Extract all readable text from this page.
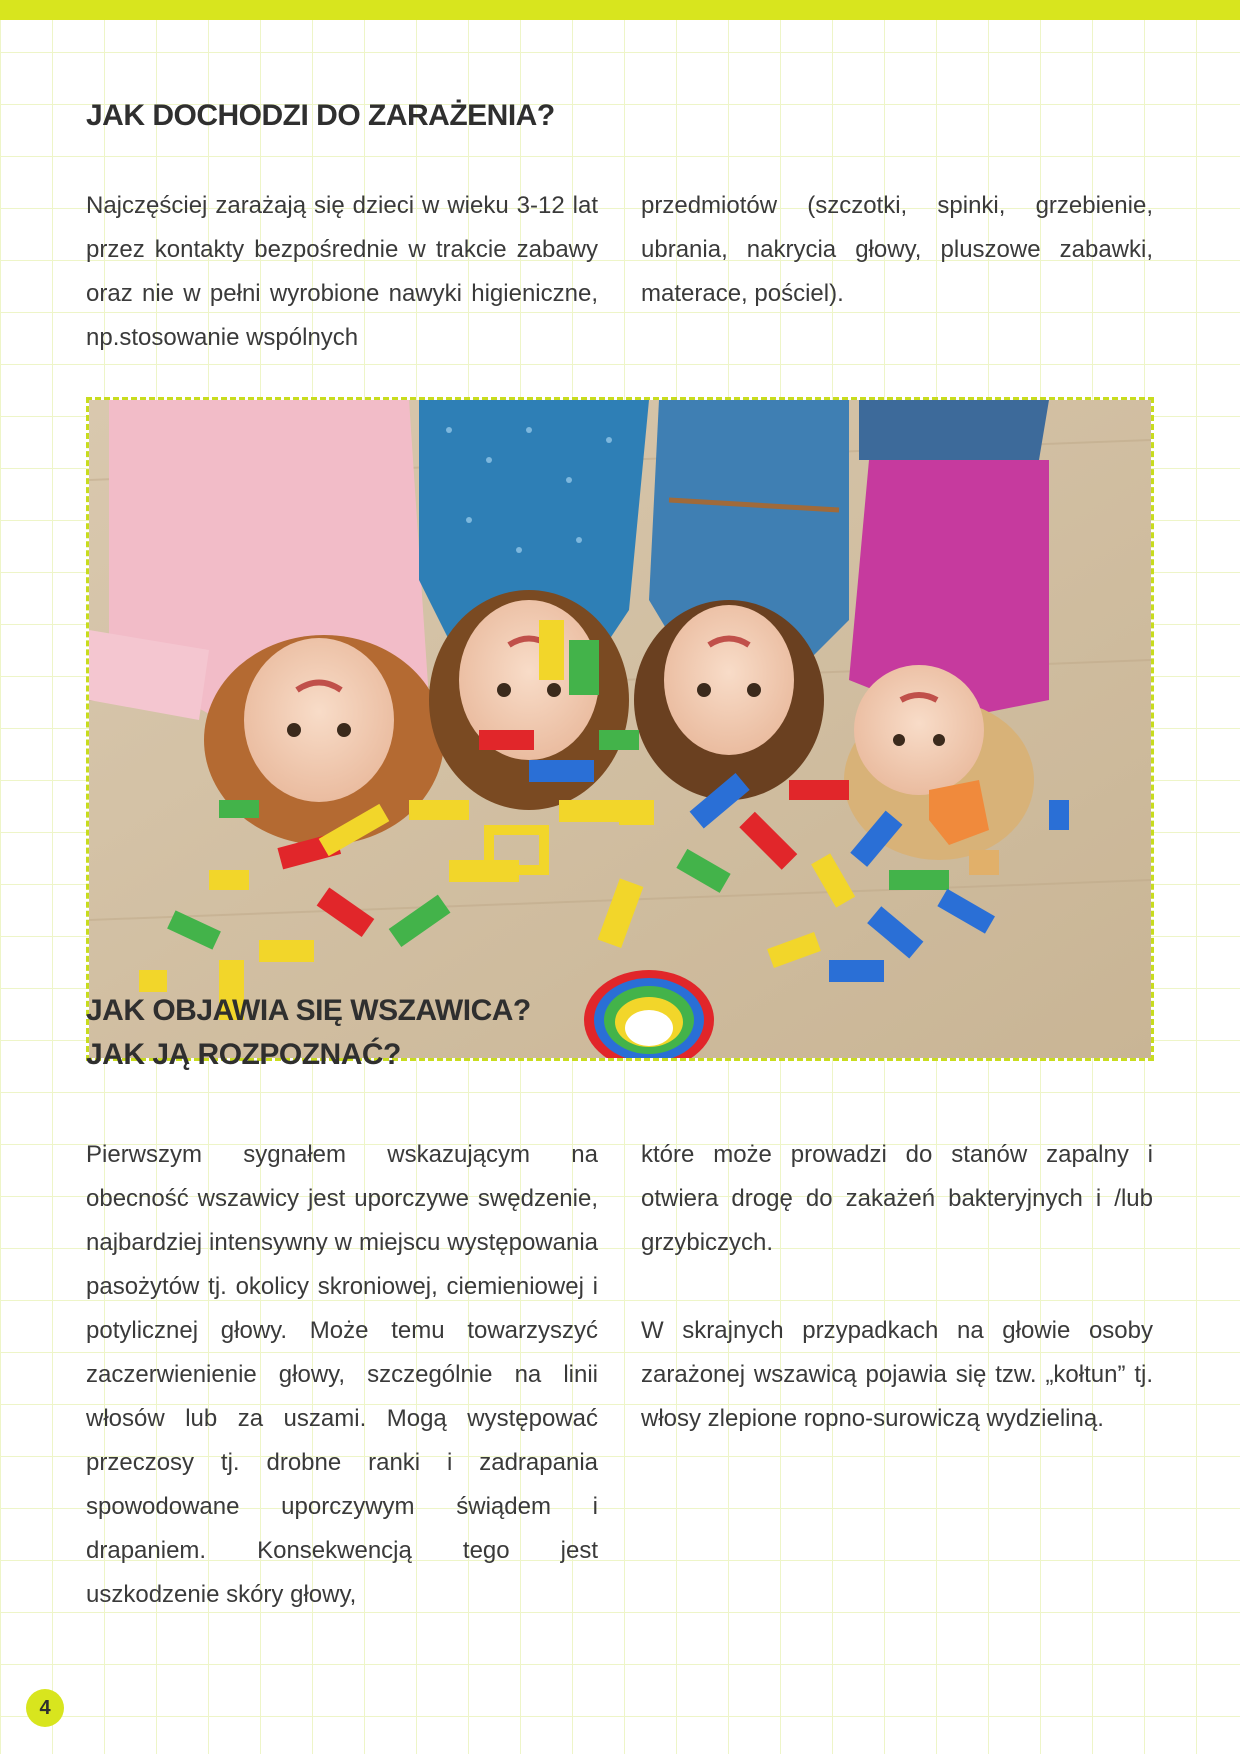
JAK DOCHODZI DO ZARAŻENIA?

Najczęściej zarażają się dzieci w wieku 3-12 lat przez kontakty bezpośrednie w trakcie zabawy oraz nie w pełni wyrobione nawyki higieniczne, np.stosowanie wspólnych

przedmiotów (szczotki, spinki, grzebienie, ubrania, nakrycia głowy, pluszowe zabawki, materace, pościel).

JAK OBJAWIA SIĘ WSZAWICA?
JAK JĄ ROZPOZNAĆ?

Pierwszym sygnałem wskazującym na obecność wszawicy jest uporczywe swędzenie, najbardziej intensywny w miejscu występowania pasożytów tj. okolicy skroniowej, ciemieniowej i potylicznej głowy. Może temu towarzyszyć zaczerwienienie głowy, szczególnie na linii włosów lub za uszami. Mogą występować przeczosy tj. drobne ranki i zadrapania spowodowane uporczywym świądem i drapaniem. Konsekwencją tego jest uszkodzenie skóry głowy,

które może prowadzi do stanów zapalny i otwiera drogę do zakażeń bakteryjnych i /lub grzybiczych.

W skrajnych przypadkach na głowie osoby zarażonej wszawicą pojawia się tzw. „kołtun” tj. włosy zlepione ropno-surowiczą wydzieliną.

4
